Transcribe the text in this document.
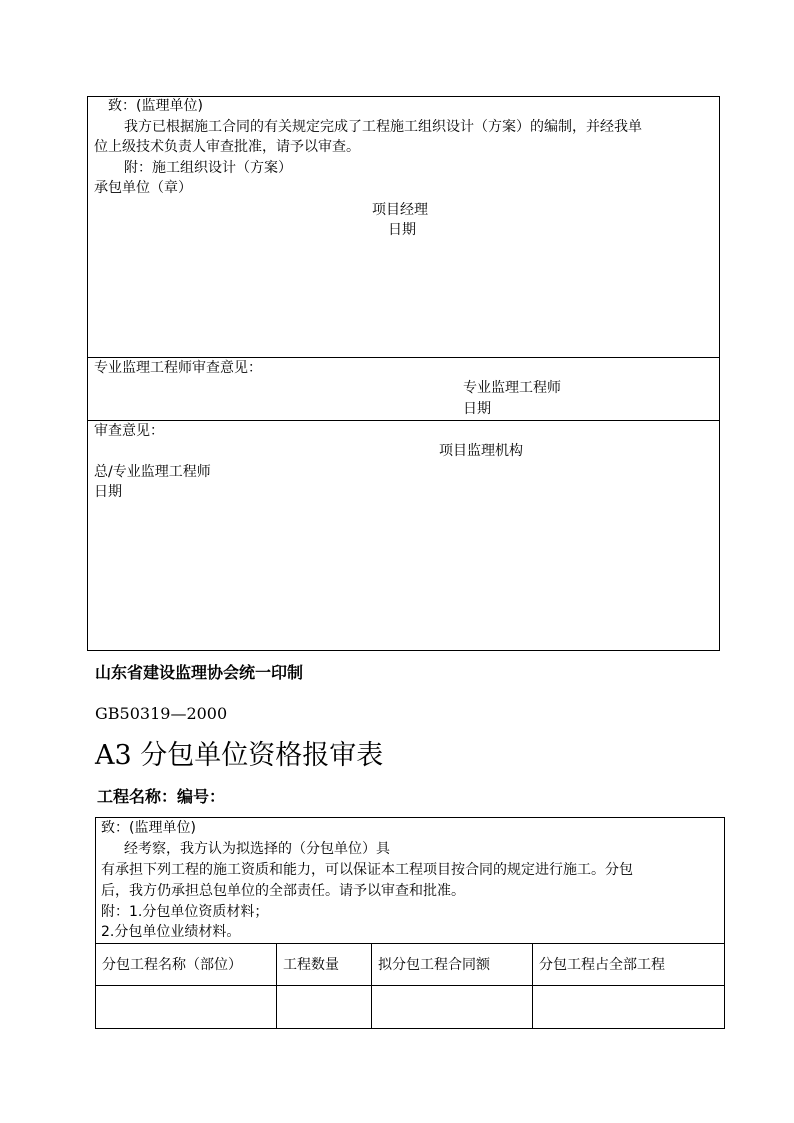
致：(监理单位)
我方已根据施工合同的有关规定完成了工程施工组织设计（方案）的编制，并经我单
位上级技术负责人审查批准，请予以审查。
附：施工组织设计（方案）
承包单位（章）
项目经理
日期
专业监理工程师审查意见：
专业监理工程师
日期
审查意见：
项目监理机构
总/专业监理工程师
日期
山东省建设监理协会统一印制
GB50319—2000
A3 分包单位资格报审表
工程名称：编号：
致：(监理单位)
经考察，我方认为拟选择的（分包单位）具
有承担下列工程的施工资质和能力，可以保证本工程项目按合同的规定进行施工。分包
后，我方仍承担总包单位的全部责任。请予以审查和批准。
附：1.分包单位资质材料；
2.分包单位业绩材料。
分包工程名称（部位）	工程数量	拟分包工程合同额	分包工程占全部工程
